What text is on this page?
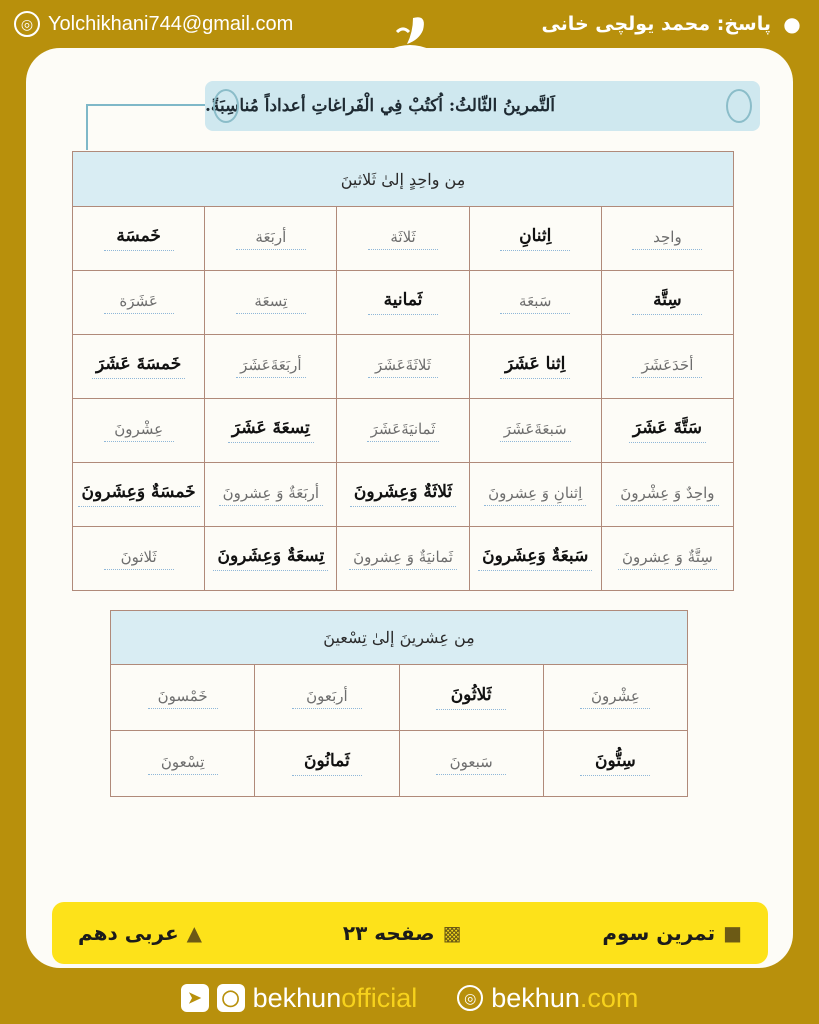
◎ Yolchikhani744@gmail.com	●
پاسخ: محمد یولچی خانی
اَلتَّمرينُ الثّالثُ: اُكتُبْ فِي الْفَراغاتِ أعداداً مُناسِبَةً.
مِن واحِدٍ إلىٰ ثَلاثينَ				
واحِد	اِثنانِ	ثَلاثَة	أربَعَة	خَمسَة
سِتَّة	سَبعَة	ثَمانية	تِسعَة	عَشَرَة
أحَدَعَشَرَ	اِثنا عَشَرَ	ثَلاثَةَعَشَرَ	أربَعَةَعَشَرَ	خَمسَةَ عَشَرَ
سَتَّةَ عَشَرَ	سَبعَةَعَشَرَ	ثَمانيَةَعَشَرَ	تِسعَةَ عَشَرَ	عِشْرونَ
واحِدٌ وَ عِشْرونَ	اِثنانِ وَ عِشرونَ	ثَلاثَةٌ وَعِشَرونَ	أربَعَةٌ وَ عِشرونَ	خَمسَةٌ وَعِشَرونَ
سِتَّةٌ وَ عِشرونَ	سَبعَةٌ وَعِشَرونَ	ثَمانيَةٌ وَ عِشرونَ	تِسعَةٌ وَعِشَرونَ	ثَلاثونَ
مِن عِشرينَ إلىٰ تِسْعينَ			
عِشْرونَ	ثَلاثُونَ	أربَعونَ	خَمْسونَ
سِتُّونَ	سَبعونَ	ثَمانُونَ	تِسْعونَ
■
تمرین سوم
▩
صفحه ۲۳
▲
عربی دهم
➤	◯ bekhunofficial	◎ bekhun.com
